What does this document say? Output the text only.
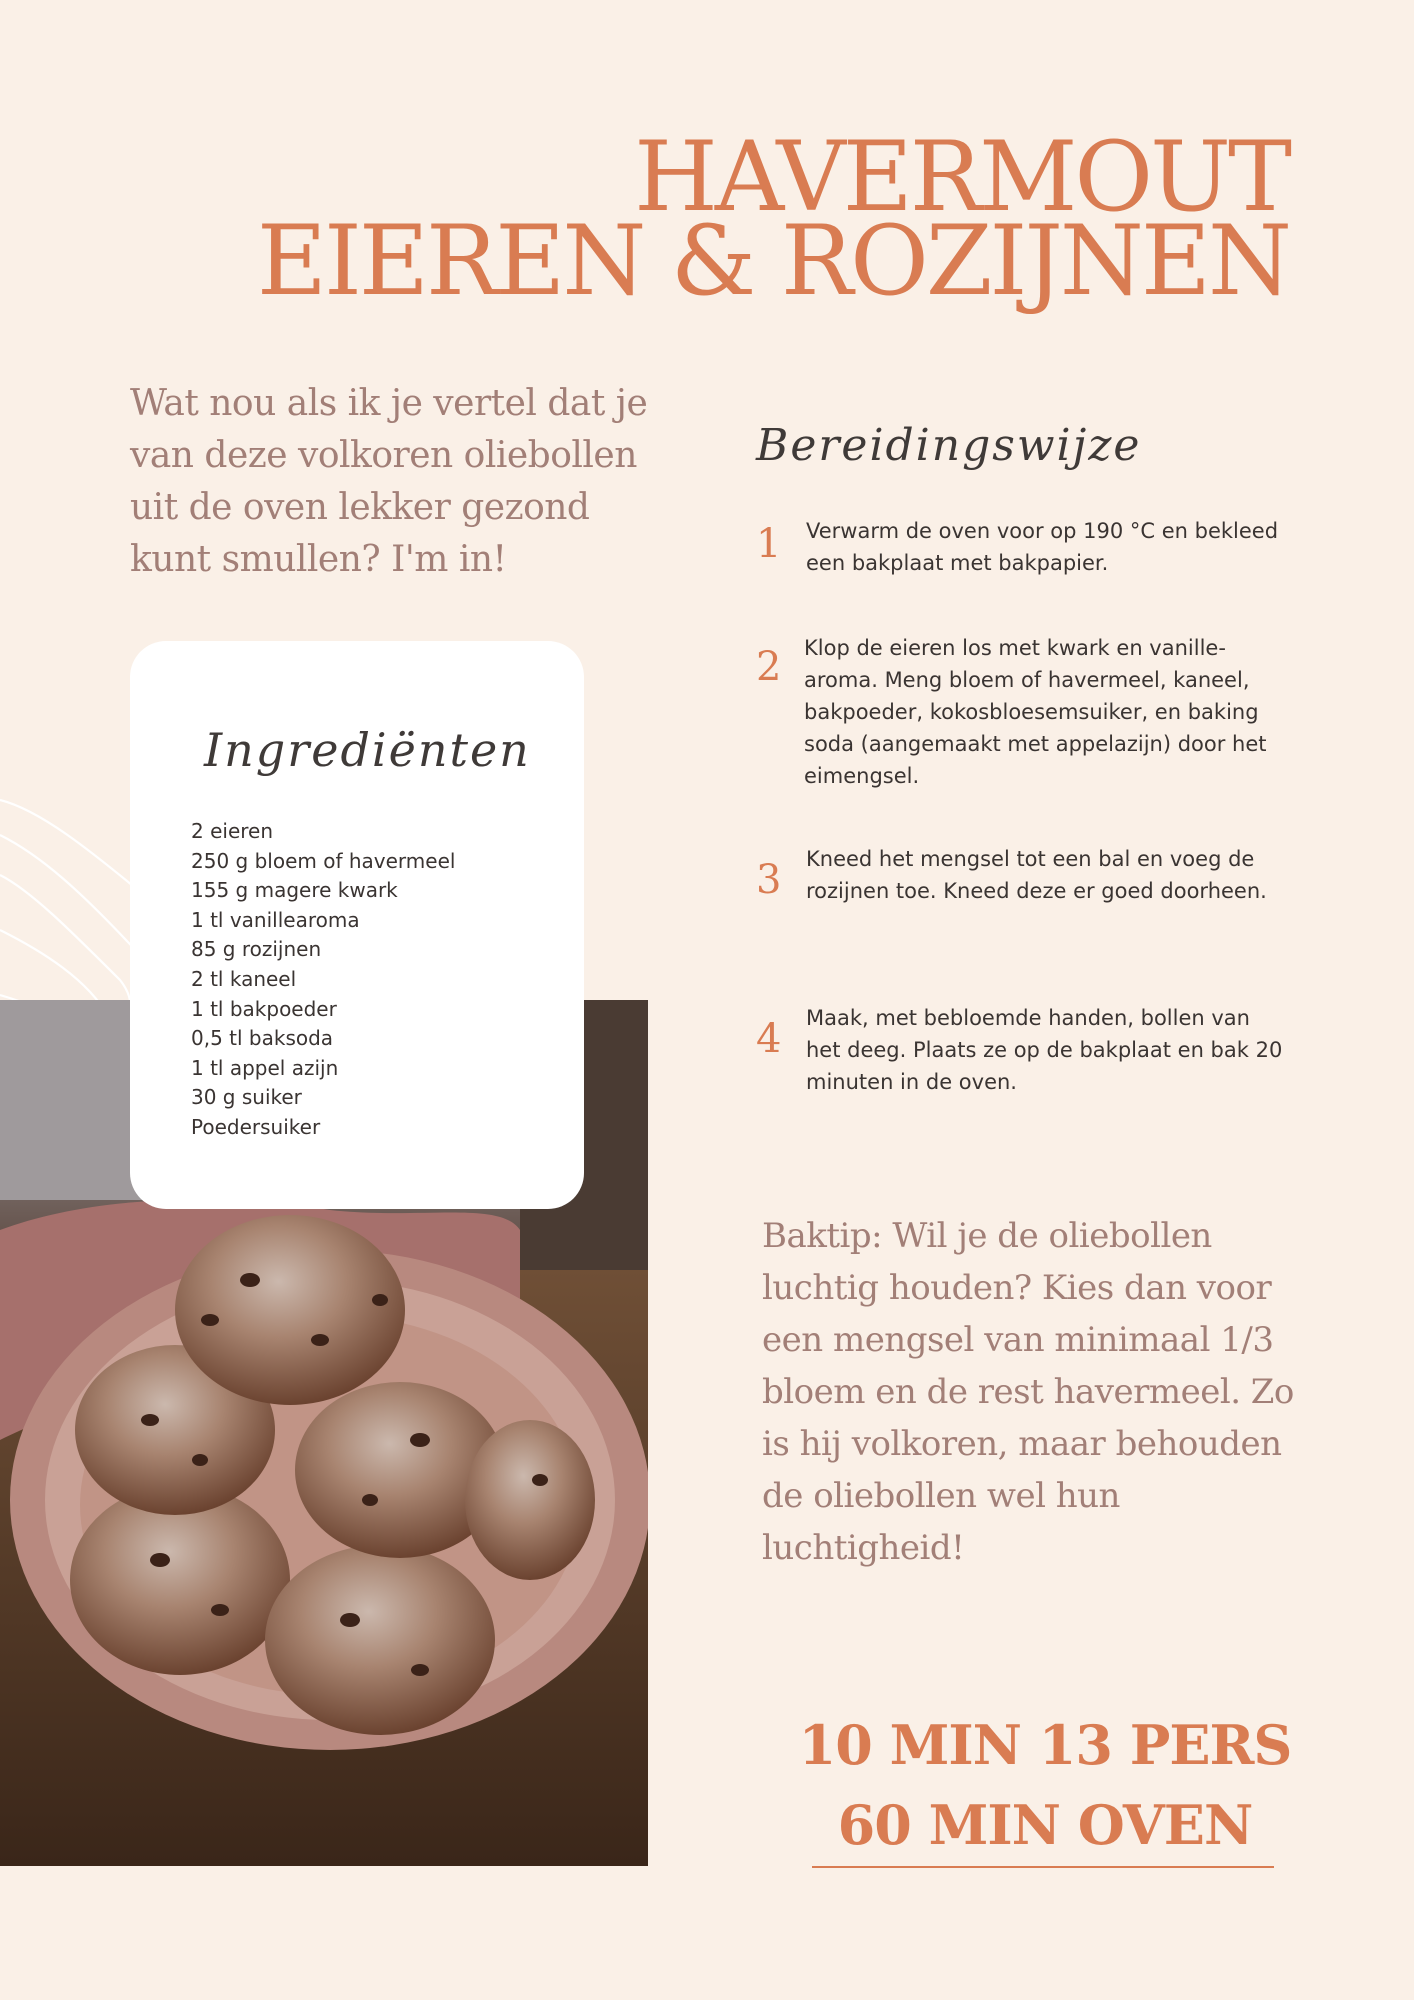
HAVERMOUT
EIEREN & ROZIJNEN
Wat nou als ik je vertel dat je van deze volkoren oliebollen uit de oven lekker gezond kunt smullen? I'm in!
Ingrediënten
2 eieren
250 g bloem of havermeel
155 g magere kwark
1 tl vanillearoma
85 g rozijnen
2 tl kaneel
1 tl bakpoeder
0,5 tl baksoda
1 tl appel azijn
30 g suiker
Poedersuiker
Bereidingswijze
1 Verwarm de oven voor op 190 °C en bekleed een bakplaat met bakpapier.
2 Klop de eieren los met kwark en vanille-aroma. Meng bloem of havermeel, kaneel, bakpoeder, kokosbloesemsuiker, en baking soda (aangemaakt met appelazijn) door het eimengsel.
3 Kneed het mengsel tot een bal en voeg de rozijnen toe. Kneed deze er goed doorheen.
4 Maak, met bebloemde handen, bollen van het deeg. Plaats ze op de bakplaat en bak 20 minuten in de oven.
Baktip: Wil je de oliebollen luchtig houden? Kies dan voor een mengsel van minimaal 1/3 bloem en de rest havermeel. Zo is hij volkoren, maar behouden de oliebollen wel hun luchtigheid!
10 MIN 13 PERS
60 MIN OVEN
